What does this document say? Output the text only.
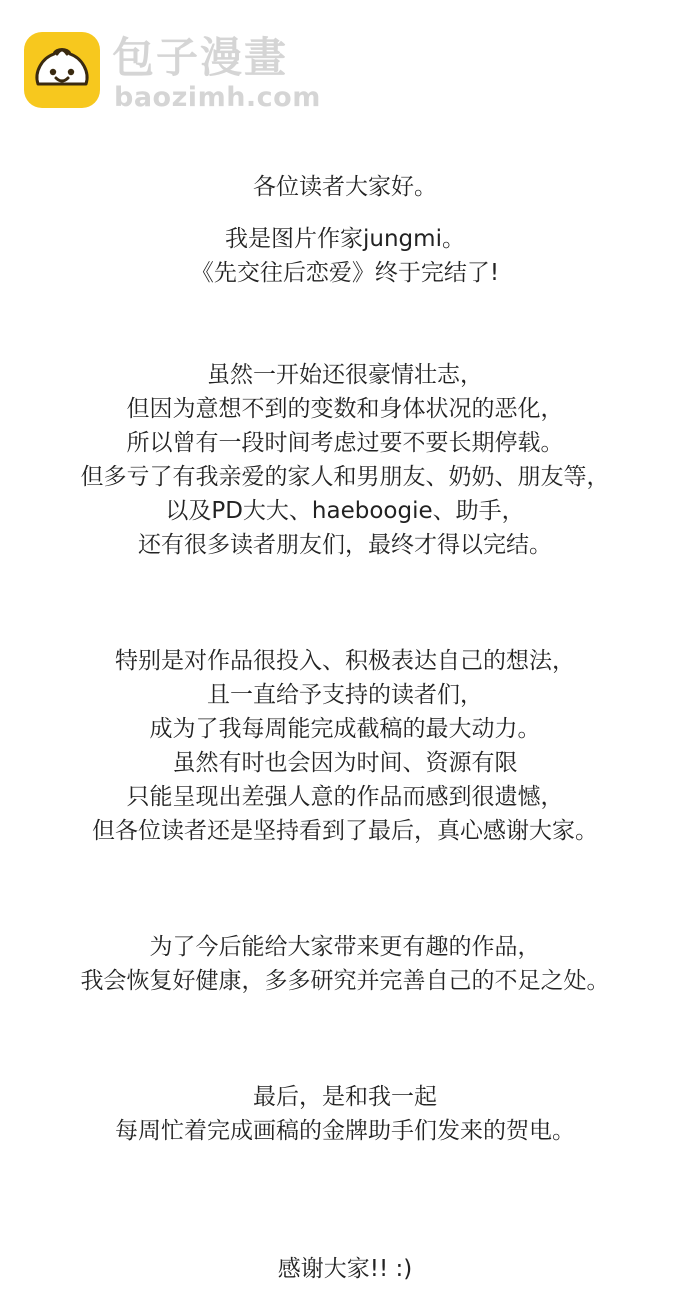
包子漫畫
baozimh.com

各位读者大家好。

我是图片作家jungmi。
《先交往后恋爱》终于完结了!

虽然一开始还很豪情壮志，
但因为意想不到的变数和身体状况的恶化，
所以曾有一段时间考虑过要不要长期停载。
但多亏了有我亲爱的家人和男朋友、奶奶、朋友等，
以及PD大大、haeboogie、助手，
还有很多读者朋友们，最终才得以完结。

特别是对作品很投入、积极表达自己的想法，
且一直给予支持的读者们，
成为了我每周能完成截稿的最大动力。
虽然有时也会因为时间、资源有限
只能呈现出差强人意的作品而感到很遗憾，
但各位读者还是坚持看到了最后，真心感谢大家。

为了今后能给大家带来更有趣的作品，
我会恢复好健康，多多研究并完善自己的不足之处。

最后，是和我一起
每周忙着完成画稿的金牌助手们发来的贺电。

感谢大家!! :)
